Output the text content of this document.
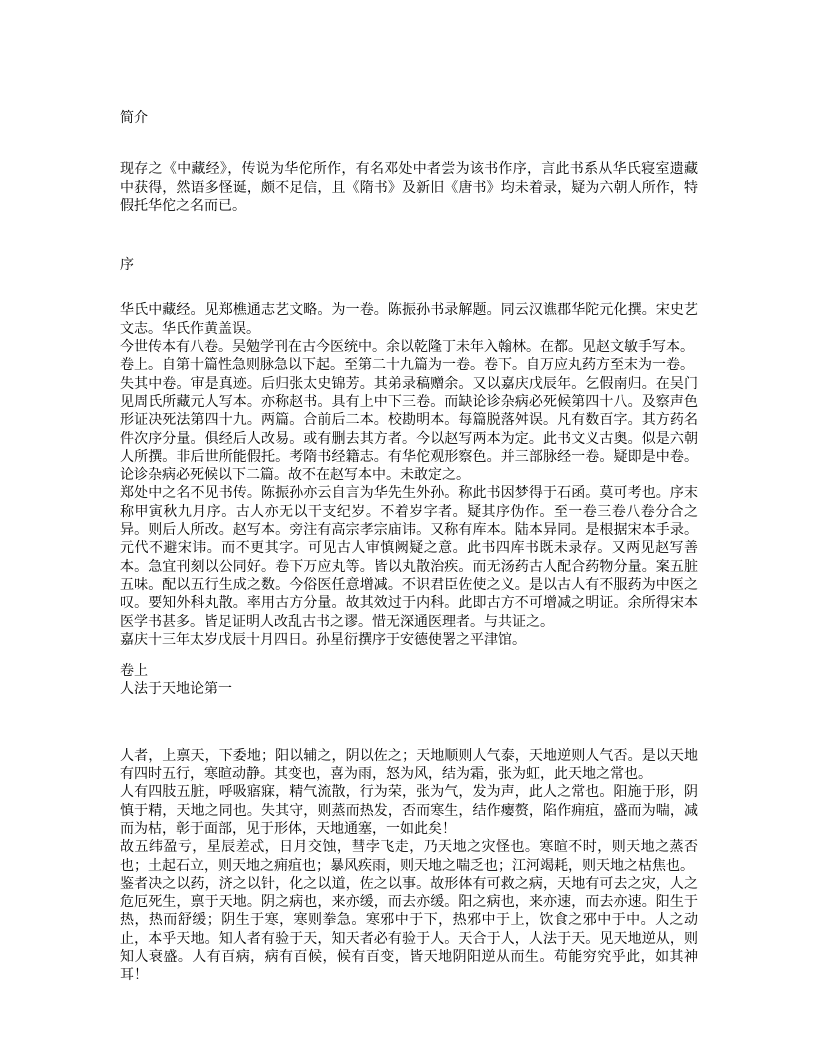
简介

现存之《中藏经》，传说为华佗所作，有名邓处中者尝为该书作序，言此书系从华氏寝室遗藏中获得，然语多怪诞，颇不足信，且《隋书》及新旧《唐书》均未着录，疑为六朝人所作，特假托华佗之名而已。

序

华氏中藏经。见郑樵通志艺文略。为一卷。陈振孙书录解题。同云汉谯郡华陀元化撰。宋史艺文志。华氏作黄盖误。

今世传本有八卷。吴勉学刊在古今医统中。余以乾隆丁未年入翰林。在都。见赵文敏手写本。

卷上。自第十篇性急则脉急以下起。至第二十九篇为一卷。卷下。自万应丸药方至末为一卷。

失其中卷。审是真迹。后归张太史锦芳。其弟录稿赠余。又以嘉庆戊辰年。乞假南归。在吴门见周氏所藏元人写本。亦称赵书。具有上中下三卷。而缺论诊杂病必死候第四十八。及察声色形证决死法第四十九。两篇。合前后二本。校勘明本。每篇脱落舛误。凡有数百字。其方药名件次序分量。俱经后人改易。或有删去其方者。今以赵写两本为定。此书文义古奥。似是六朝人所撰。非后世所能假托。考隋书经籍志。有华佗观形察色。并三部脉经一卷。疑即是中卷。论诊杂病必死候以下二篇。故不在赵写本中。未敢定之。

郑处中之名不见书传。陈振孙亦云自言为华先生外孙。称此书因梦得于石函。莫可考也。序末称甲寅秋九月序。古人亦无以干支纪岁。不着岁字者。疑其序伪作。至一卷三卷八卷分合之异。则后人所改。赵写本。旁注有高宗孝宗庙讳。又称有库本。陆本异同。是根据宋本手录。元代不避宋讳。而不更其字。可见古人审慎阙疑之意。此书四库书既未录存。又两见赵写善本。急宜刊刻以公同好。卷下万应丸等。皆以丸散治疾。而无汤药古人配合药物分量。案五脏五味。配以五行生成之数。今俗医任意增减。不识君臣佐使之义。是以古人有不服药为中医之叹。要知外科丸散。率用古方分量。故其效过于内科。此即古方不可增减之明证。余所得宋本医学书甚多。皆足证明人改乱古书之谬。惜无深通医理者。与共证之。

嘉庆十三年太岁戊辰十月四日。孙星衍撰序于安德使署之平津馆。

卷上
人法于天地论第一

人者，上禀天，下委地；阳以辅之，阴以佐之；天地顺则人气泰，天地逆则人气否。是以天地有四时五行，寒暄动静。其变也，喜为雨，怒为风，结为霜，张为虹，此天地之常也。

人有四肢五脏，呼吸寤寐，精气流散，行为荣，张为气，发为声，此人之常也。阳施于形，阴慎于精，天地之同也。失其守，则蒸而热发，否而寒生，结作瘿赘，陷作痈疽，盛而为喘，减而为枯，彰于面部，见于形体，天地通塞，一如此矣！

故五纬盈亏，星辰差忒，日月交蚀，彗孛飞走，乃天地之灾怪也。寒暄不时，则天地之蒸否也；土起石立，则天地之痈疽也；暴风疾雨，则天地之喘乏也；江河竭耗，则天地之枯焦也。

鉴者决之以药，济之以针，化之以道，佐之以事。故形体有可救之病，天地有可去之灾，人之危厄死生，禀于天地。阴之病也，来亦缓，而去亦缓。阳之病也，来亦速，而去亦速。阳生于热，热而舒缓；阴生于寒，寒则拳急。寒邪中于下，热邪中于上，饮食之邪中于中。人之动止，本乎天地。知人者有验于天，知天者必有验于人。天合于人，人法于天。见天地逆从，则知人衰盛。人有百病，病有百候，候有百变，皆天地阴阳逆从而生。苟能穷究乎此，如其神耳！
